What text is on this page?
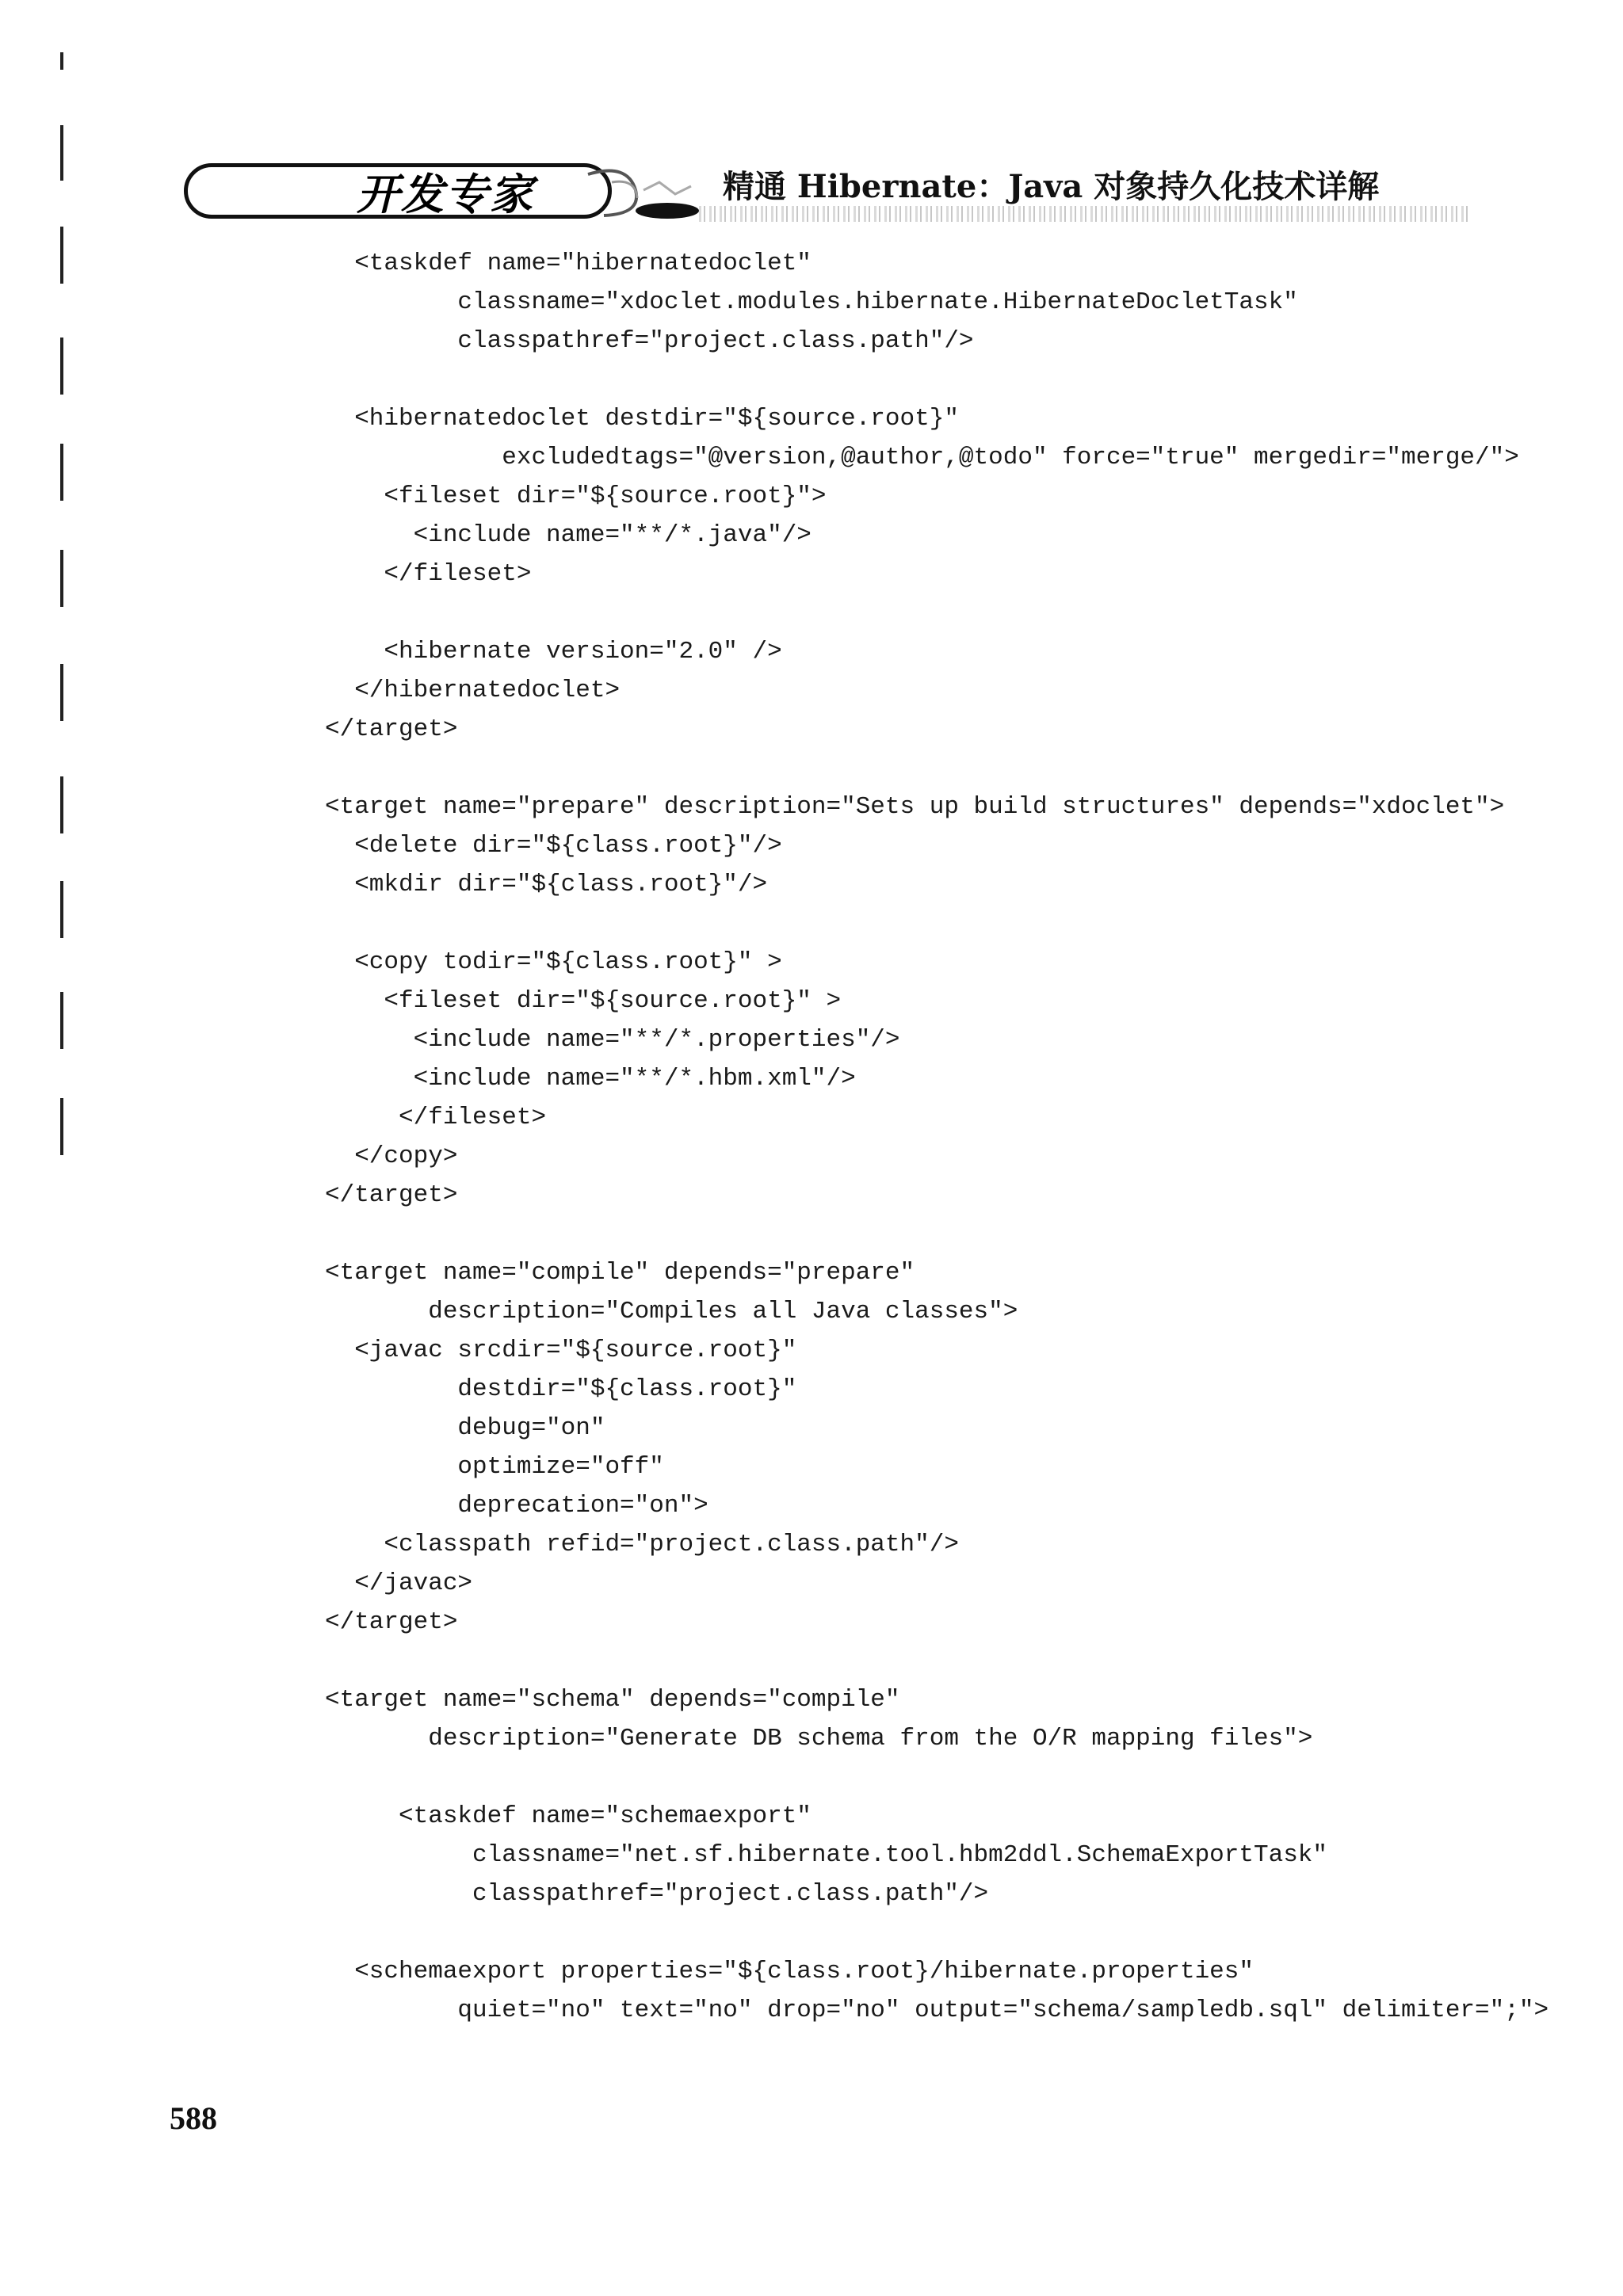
开发专家	精通 Hibernate：Java 对象持久化技术详解
<taskdef name="hibernatedoclet"
classname="xdoclet.modules.hibernate.HibernateDocletTask"
classpathref="project.class.path"/>

<hibernatedoclet destdir="${source.root}"
excludedtags="@version,@author,@todo" force="true" mergedir="merge/">
<fileset dir="${source.root}">
<include name="**/*.java"/>
</fileset>

<hibernate version="2.0" />
</hibernatedoclet>
</target>

<target name="prepare" description="Sets up build structures" depends="xdoclet">
<delete dir="${class.root}"/>
<mkdir dir="${class.root}"/>

<copy todir="${class.root}" >
<fileset dir="${source.root}" >
<include name="**/*.properties"/>
<include name="**/*.hbm.xml"/>
</fileset>
</copy>
</target>

<target name="compile" depends="prepare"
description="Compiles all Java classes">
<javac srcdir="${source.root}"
destdir="${class.root}"
debug="on"
optimize="off"
deprecation="on">
<classpath refid="project.class.path"/>
</javac>
</target>

<target name="schema" depends="compile"
description="Generate DB schema from the O/R mapping files">

<taskdef name="schemaexport"
classname="net.sf.hibernate.tool.hbm2ddl.SchemaExportTask"
classpathref="project.class.path"/>

<schemaexport properties="${class.root}/hibernate.properties"
quiet="no" text="no" drop="no" output="schema/sampledb.sql" delimiter=";">

588
